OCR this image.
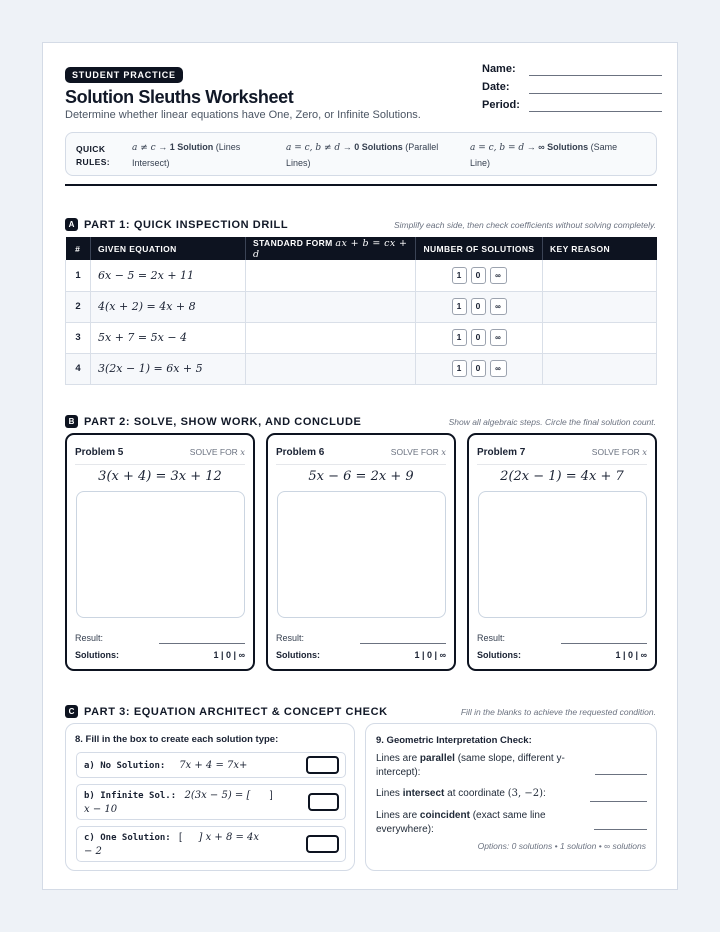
STUDENT PRACTICE
Solution Sleuths Worksheet
Determine whether linear equations have One, Zero, or Infinite Solutions.
Name:
Date:
Period:
QUICK
RULES:
a ≠ c → 1 Solution (Lines
Intersect)
a = c, b ≠ d → 0 Solutions (Parallel
Lines)
a = c, b = d → ∞ Solutions (Same
Line)
A PART 1: QUICK INSPECTION DRILL	Simplify each side, then check coefficients without solving completely.
#	GIVEN EQUATION	STANDARD FORM ax + b = cx + d	NUMBER OF SOLUTIONS	KEY REASON
1	6x − 5 = 2x + 11		1 0 ∞	
2	4(x + 2) = 4x + 8		1 0 ∞	
3	5x + 7 = 5x − 4		1 0 ∞	
4	3(2x − 1) = 6x + 5		1 0 ∞	
B PART 2: SOLVE, SHOW WORK, AND CONCLUDE	Show all algebraic steps. Circle the final solution count.
Problem 5	SOLVE FOR x
3(x + 4) = 3x + 12
Result:
Solutions:	1 | 0 | ∞
Problem 6	SOLVE FOR x
5x − 6 = 2x + 9
Result:
Solutions:	1 | 0 | ∞
Problem 7	SOLVE FOR x
2(2x − 1) = 4x + 7
Result:
Solutions:	1 | 0 | ∞
C PART 3: EQUATION ARCHITECT & CONCEPT CHECK	Fill in the blanks to achieve the requested condition.
8. Fill in the box to create each solution type:
a) No Solution: 7x + 4 = 7x+
b) Infinite Sol.: 2(3x − 5) = [ ]
x − 10
c) One Solution: [ ] x + 8 = 4x
− 2
9. Geometric Interpretation Check:
Lines are parallel (same slope, different y-
intercept):
Lines intersect at coordinate (3, −2):
Lines are coincident (exact same line
everywhere):
Options: 0 solutions • 1 solution • ∞ solutions
